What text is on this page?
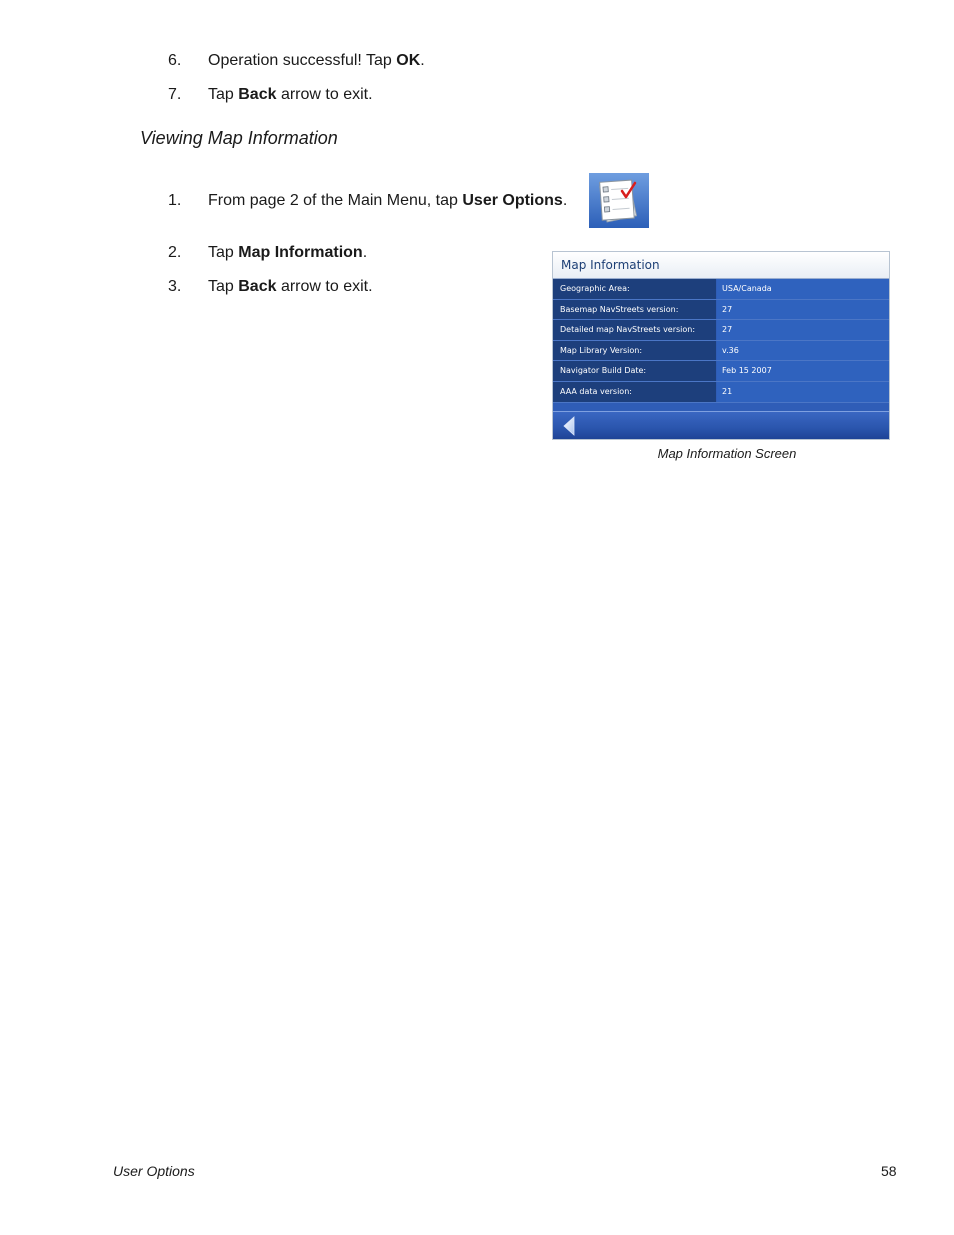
6. Operation successful! Tap OK.
7. Tap Back arrow to exit.
Viewing Map Information
1. From page 2 of the Main Menu, tap User Options.
2. Tap Map Information.
3. Tap Back arrow to exit.
Map Information
Geographic Area:	USA/Canada
Basemap NavStreets version:	27
Detailed map NavStreets version:	27
Map Library Version:	v.36
Navigator Build Date:	Feb 15 2007
AAA data version:	21
Map Information Screen
User Options	58
